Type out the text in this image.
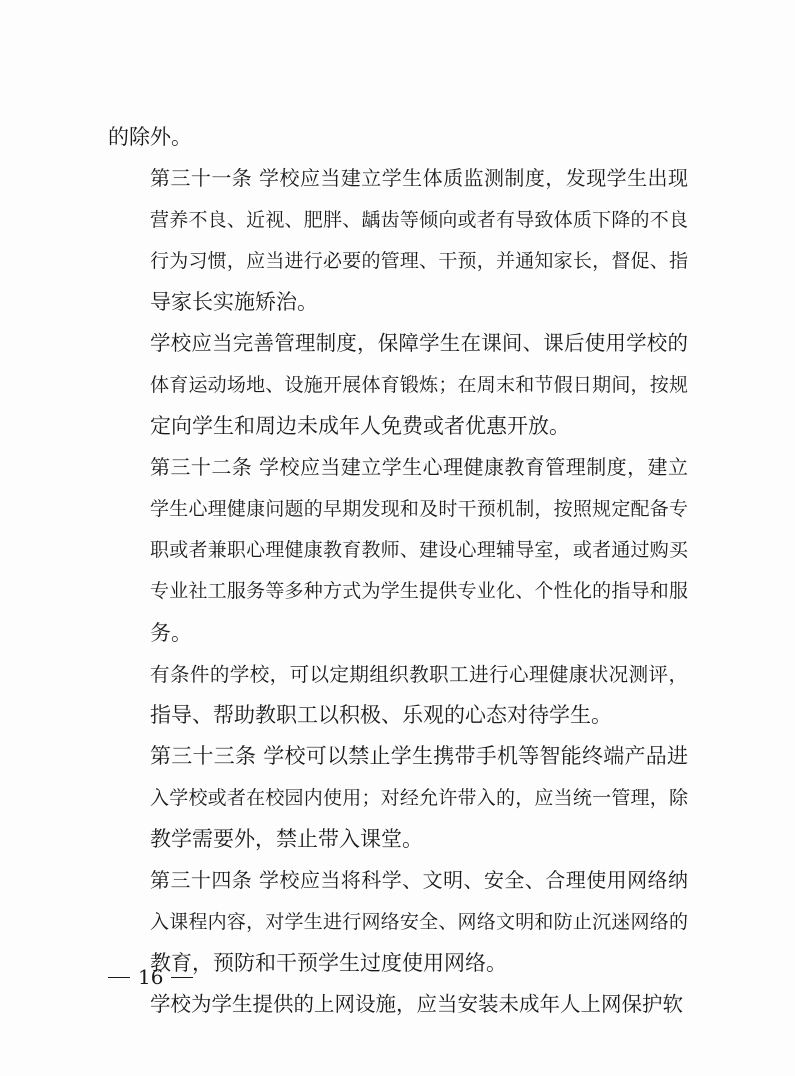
的除外。
第三十一条 学校应当建立学生体质监测制度，发现学生出现
营养不良、近视、肥胖、龋齿等倾向或者有导致体质下降的不良
行为习惯，应当进行必要的管理、干预，并通知家长，督促、指
导家长实施矫治。
学校应当完善管理制度，保障学生在课间、课后使用学校的
体育运动场地、设施开展体育锻炼；在周末和节假日期间，按规
定向学生和周边未成年人免费或者优惠开放。
第三十二条 学校应当建立学生心理健康教育管理制度，建立
学生心理健康问题的早期发现和及时干预机制，按照规定配备专
职或者兼职心理健康教育教师、建设心理辅导室，或者通过购买
专业社工服务等多种方式为学生提供专业化、个性化的指导和服
务。
有条件的学校，可以定期组织教职工进行心理健康状况测评，
指导、帮助教职工以积极、乐观的心态对待学生。
第三十三条 学校可以禁止学生携带手机等智能终端产品进
入学校或者在校园内使用；对经允许带入的，应当统一管理，除
教学需要外，禁止带入课堂。
第三十四条 学校应当将科学、文明、安全、合理使用网络纳
入课程内容，对学生进行网络安全、网络文明和防止沉迷网络的
教育，预防和干预学生过度使用网络。
学校为学生提供的上网设施，应当安装未成年人上网保护软
16
